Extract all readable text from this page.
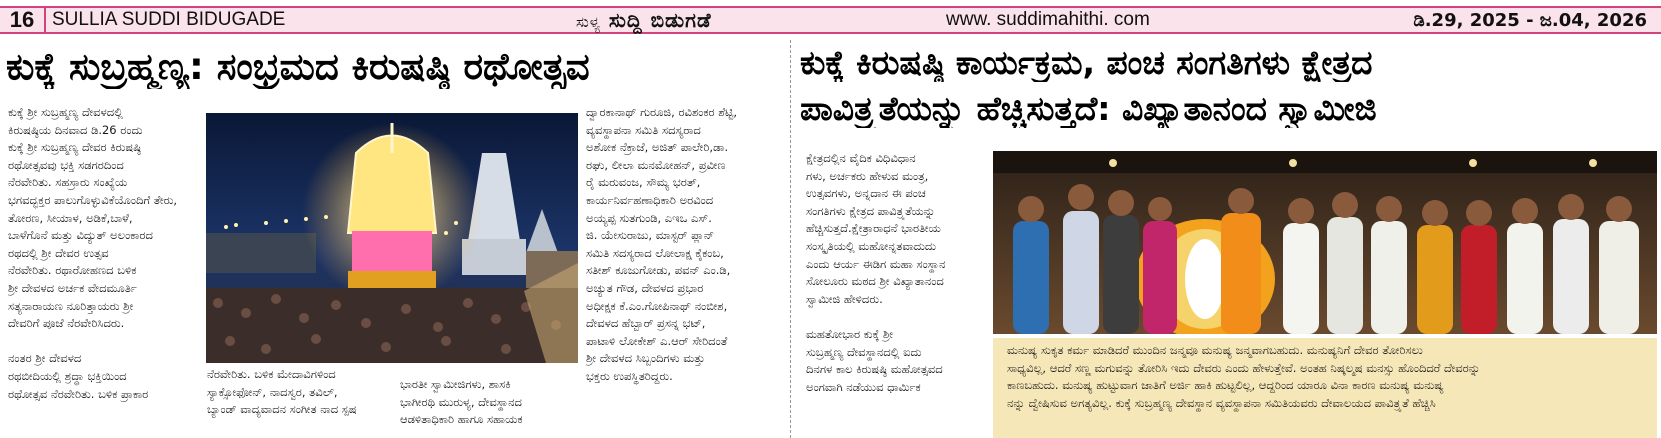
16 SULLIA SUDDI BIDUGADE	ಸುಳ್ಯ ಸುದ್ದಿ ಬಿಡುಗಡೆ	www. suddimahithi. com	ಡಿ.29, 2025 - ಜ.04, 2026
ಕುಕ್ಕೆ ಸುಬ್ರಹ್ಮಣ್ಯ: ಸಂಭ್ರಮದ ಕಿರುಷಷ್ಠಿ ರಥೋತ್ಸವ	ಕುಕ್ಕೆ ಕಿರುಷಷ್ಠಿ ಕಾರ್ಯಕ್ರಮ, ಪಂಚ ಸಂಗತಿಗಳು ಕ್ಷೇತ್ರದ
ಪಾವಿತ್ರ್ಯತೆಯನ್ನು ಹೆಚ್ಚಿಸುತ್ತದೆ: ವಿಖ್ಯಾತಾನಂದ ಸ್ವಾಮೀಜಿ

ಕುಕ್ಕೆ ಶ್ರೀ ಸುಬ್ರಹ್ಮಣ್ಯ ದೇವಳದಲ್ಲಿ

ಕಿರುಷಷ್ಠಿಯ ದಿನವಾದ ಡಿ.26 ರಂದು

ಕುಕ್ಕೆ ಶ್ರೀ ಸುಬ್ರಹ್ಮಣ್ಯ ದೇವರ ಕಿರುಷಷ್ಠಿ

ರಥೋತ್ಸವವು ಭಕ್ತಿ ಸಡಗರದಿಂದ

ನೆರವೇರಿತು. ಸಹಸ್ರಾರು ಸಂಖ್ಯೆಯ

ಭಗವದ್ಭಕ್ತರ ಪಾಲುಗೊಳ್ಳುವಿಕೆಯೊಂದಿಗೆ ತೇರು,

ತೋರಣ, ಸೀಯಾಳ, ಅಡಿಕೆ,ಬಾಳೆ,

ಬಾಳೆಗೊನೆ ಮತ್ತು ವಿದ್ಯುತ್ ಅಲಂಕಾರದ

ರಥದಲ್ಲಿ ಶ್ರೀ ದೇವರ ಉತ್ಸವ

ನೆರವೇರಿತು. ರಥಾರೋಹಣದ ಬಳಿಕ

ಶ್ರೀ ದೇವಳದ ಅರ್ಚಕ ವೇದಮೂರ್ತಿ

ಸತ್ಯನಾರಾಯಣ ನೂರಿತ್ತಾಯರು ಶ್ರೀ

ದೇವರಿಗೆ ಪೂಜೆ ನೆರವೇರಿಸಿದರು.

ನಂತರ ಶ್ರೀ ದೇವಳದ

ರಥಬೀದಿಯಲ್ಲಿ ಶ್ರದ್ಧಾ ಭಕ್ತಿಯಿಂದ

ರಥೋತ್ಸವ ನೆರವೇರಿತು. ಬಳಿಕ ಪ್ರಾಕಾರ

ನೆರವೇರಿತು. ಬಳಿಕ ಮೇದಾವಿಗಳಿಂದ

ಸ್ಯಾಕ್ಸೋಫೋನ್, ನಾದಸ್ವರ, ತವಿಲ್,

ಬ್ಯಾಂಡ್ ವಾದ್ಯವಾದನ ಸಂಗೀತ ನಾದ ಸ್ಪಷ

ಭಾರತೀ ಸ್ವಾಮೀಜಿಗಳು, ಶಾಸಕಿ

ಭಾಗೀರಥಿ ಮುರುಳ್ಯ, ದೇವಸ್ಥಾನದ

ಆಡಳಿತಾಧಿಕಾರಿ ಹಾಗೂ ಸಹಾಯಕ

ದ್ವಾರಕಾನಾಥ್ ಗುರೂಜಿ, ರವಿಶಂಕರ ಶೆಟ್ಟಿ,

ವ್ಯವಸ್ಥಾಪನಾ ಸಮಿತಿ ಸದಸ್ಯರಾದ

ಅಶೋಕ ನೆಕ್ರಾಜೆ, ಅಜಿತ್ ಪಾಲೇರಿ,ಡಾ.

ರಘು, ಲೀಲಾ ಮನಮೋಹನ್, ಪ್ರವೀಣ

ರೈ ಮರುವಂಜ, ಸೌಮ್ಯ ಭರತ್,

ಕಾರ್ಯನಿರ್ವಹಣಾಧಿಕಾರಿ ಅರವಿಂದ

ಅಯ್ಯಪ್ಪ ಸುತಗುಂಡಿ, ಎಇಒ ಎಸ್.

ಜಿ. ಯೇಸುರಾಜು, ಮಾಸ್ಟರ್ ಪ್ಲಾನ್

ಸಮಿತಿ ಸದಸ್ಯರಾದ ಲೋಲಾಕ್ಷ ಕೈಕಂಬ,

ಸತೀಶ್ ಕೂಜುಗೋಡು, ಪವನ್ ಎಂ.ಡಿ,

ಅಚ್ಯುತ ಗೌಡ, ದೇವಳದ ಪ್ರಭಾರ

ಅಧೀಕ್ಷಕ ಕೆ.ಎಂ.ಗೋಪಿನಾಥ್ ನಂಬೀಶ,

ದೇವಳದ ಹೆಬ್ಬಾರ್ ಪ್ರಸನ್ನ ಭಟ್,

ಪಾಟಾಳಿ ಲೋಕೇಶ್ ಎ.ಆರ್ ಸೇರಿದಂತೆ

ಶ್ರೀ ದೇವಳದ ಸಿಬ್ಬಂದಿಗಳು ಮತ್ತು

ಭಕ್ತರು ಉಪಸ್ಥಿತರಿದ್ದರು.

ಕ್ಷೇತ್ರದಲ್ಲಿನ ವೈದಿಕ ವಿಧಿವಿಧಾನ

ಗಳು, ಅರ್ಚಕರು ಹೇಳುವ ಮಂತ್ರ,

ಉತ್ಸವಗಳು, ಅನ್ನದಾನ ಈ ಪಂಚ

ಸಂಗತಿಗಳು ಕ್ಷೇತ್ರದ ಪಾವಿತ್ರ್ಯತೆಯನ್ನು

ಹೆಚ್ಚಿಸುತ್ತದೆ.ಕ್ಷೇತ್ರಾರಾಧನೆ ಭಾರತೀಯ

ಸಂಸ್ಕೃತಿಯಲ್ಲಿ ಮಹೋನ್ನತವಾದುದು

ಎಂದು ಆರ್ಯ ಈಡಿಗ ಮಹಾ ಸಂಸ್ಥಾನ

ಸೋಲೂರು ಮಠದ ಶ್ರೀ ವಿಖ್ಯಾತಾನಂದ

ಸ್ವಾಮೀಜಿ ಹೇಳಿದರು.

ಮಹತೋಭಾರ ಕುಕ್ಕೆ ಶ್ರೀ

ಸುಬ್ರಹ್ಮಣ್ಯ ದೇವಸ್ಥಾನದಲ್ಲಿ ಐದು

ದಿನಗಳ ಕಾಲ ಕಿರುಷಷ್ಠಿ ಮಹೋತ್ಸವದ

ಅಂಗವಾಗಿ ನಡೆಯುವ ಧಾರ್ಮಿಕ

ಮನುಷ್ಯ ಸುಕೃತ ಕರ್ಮ ಮಾಡಿದರೆ ಮುಂದಿನ ಜನ್ಮವೂ ಮನುಷ್ಯ ಜನ್ಮವಾಗಬಹುದು. ಮನುಷ್ಯನಿಗೆ ದೇವರ ತೋರಿಸಲು

ಸಾಧ್ಯವಿಲ್ಲ, ಆದರೆ ಸಣ್ಣ ಮಗುವನ್ನು ತೋರಿಸಿ ಇದು ದೇವರು ಎಂದು ಹೇಳುತ್ತೇವೆ. ಅಂತಹ ನಿಷ್ಕಲ್ಮಷ ಮನಸ್ಸು ಹೊಂದಿದರೆ ದೇವರನ್ನು

ಕಾಣಬಹುದು. ಮನುಷ್ಯ ಹುಟ್ಟುವಾಗ ಜಾತಿಗೆ ಅರ್ಜಿ ಹಾಕಿ ಹುಟ್ಟಲಿಲ್ಲ, ಆದ್ದರಿಂದ ಯಾರೂ ವಿನಾ ಕಾರಣ ಮನುಷ್ಯ ಮನುಷ್ಯ

ನನ್ನು ದ್ವೇಷಿಸುವ ಅಗತ್ಯವಿಲ್ಲ. ಕುಕ್ಕೆ ಸುಬ್ರಹ್ಮಣ್ಯ ದೇವಸ್ಥಾನ ವ್ಯವಸ್ಥಾಪನಾ ಸಮಿತಿಯವರು ದೇವಾಲಯದ ಪಾವಿತ್ರ್ಯತೆ ಹೆಚ್ಚಿಸಿ
